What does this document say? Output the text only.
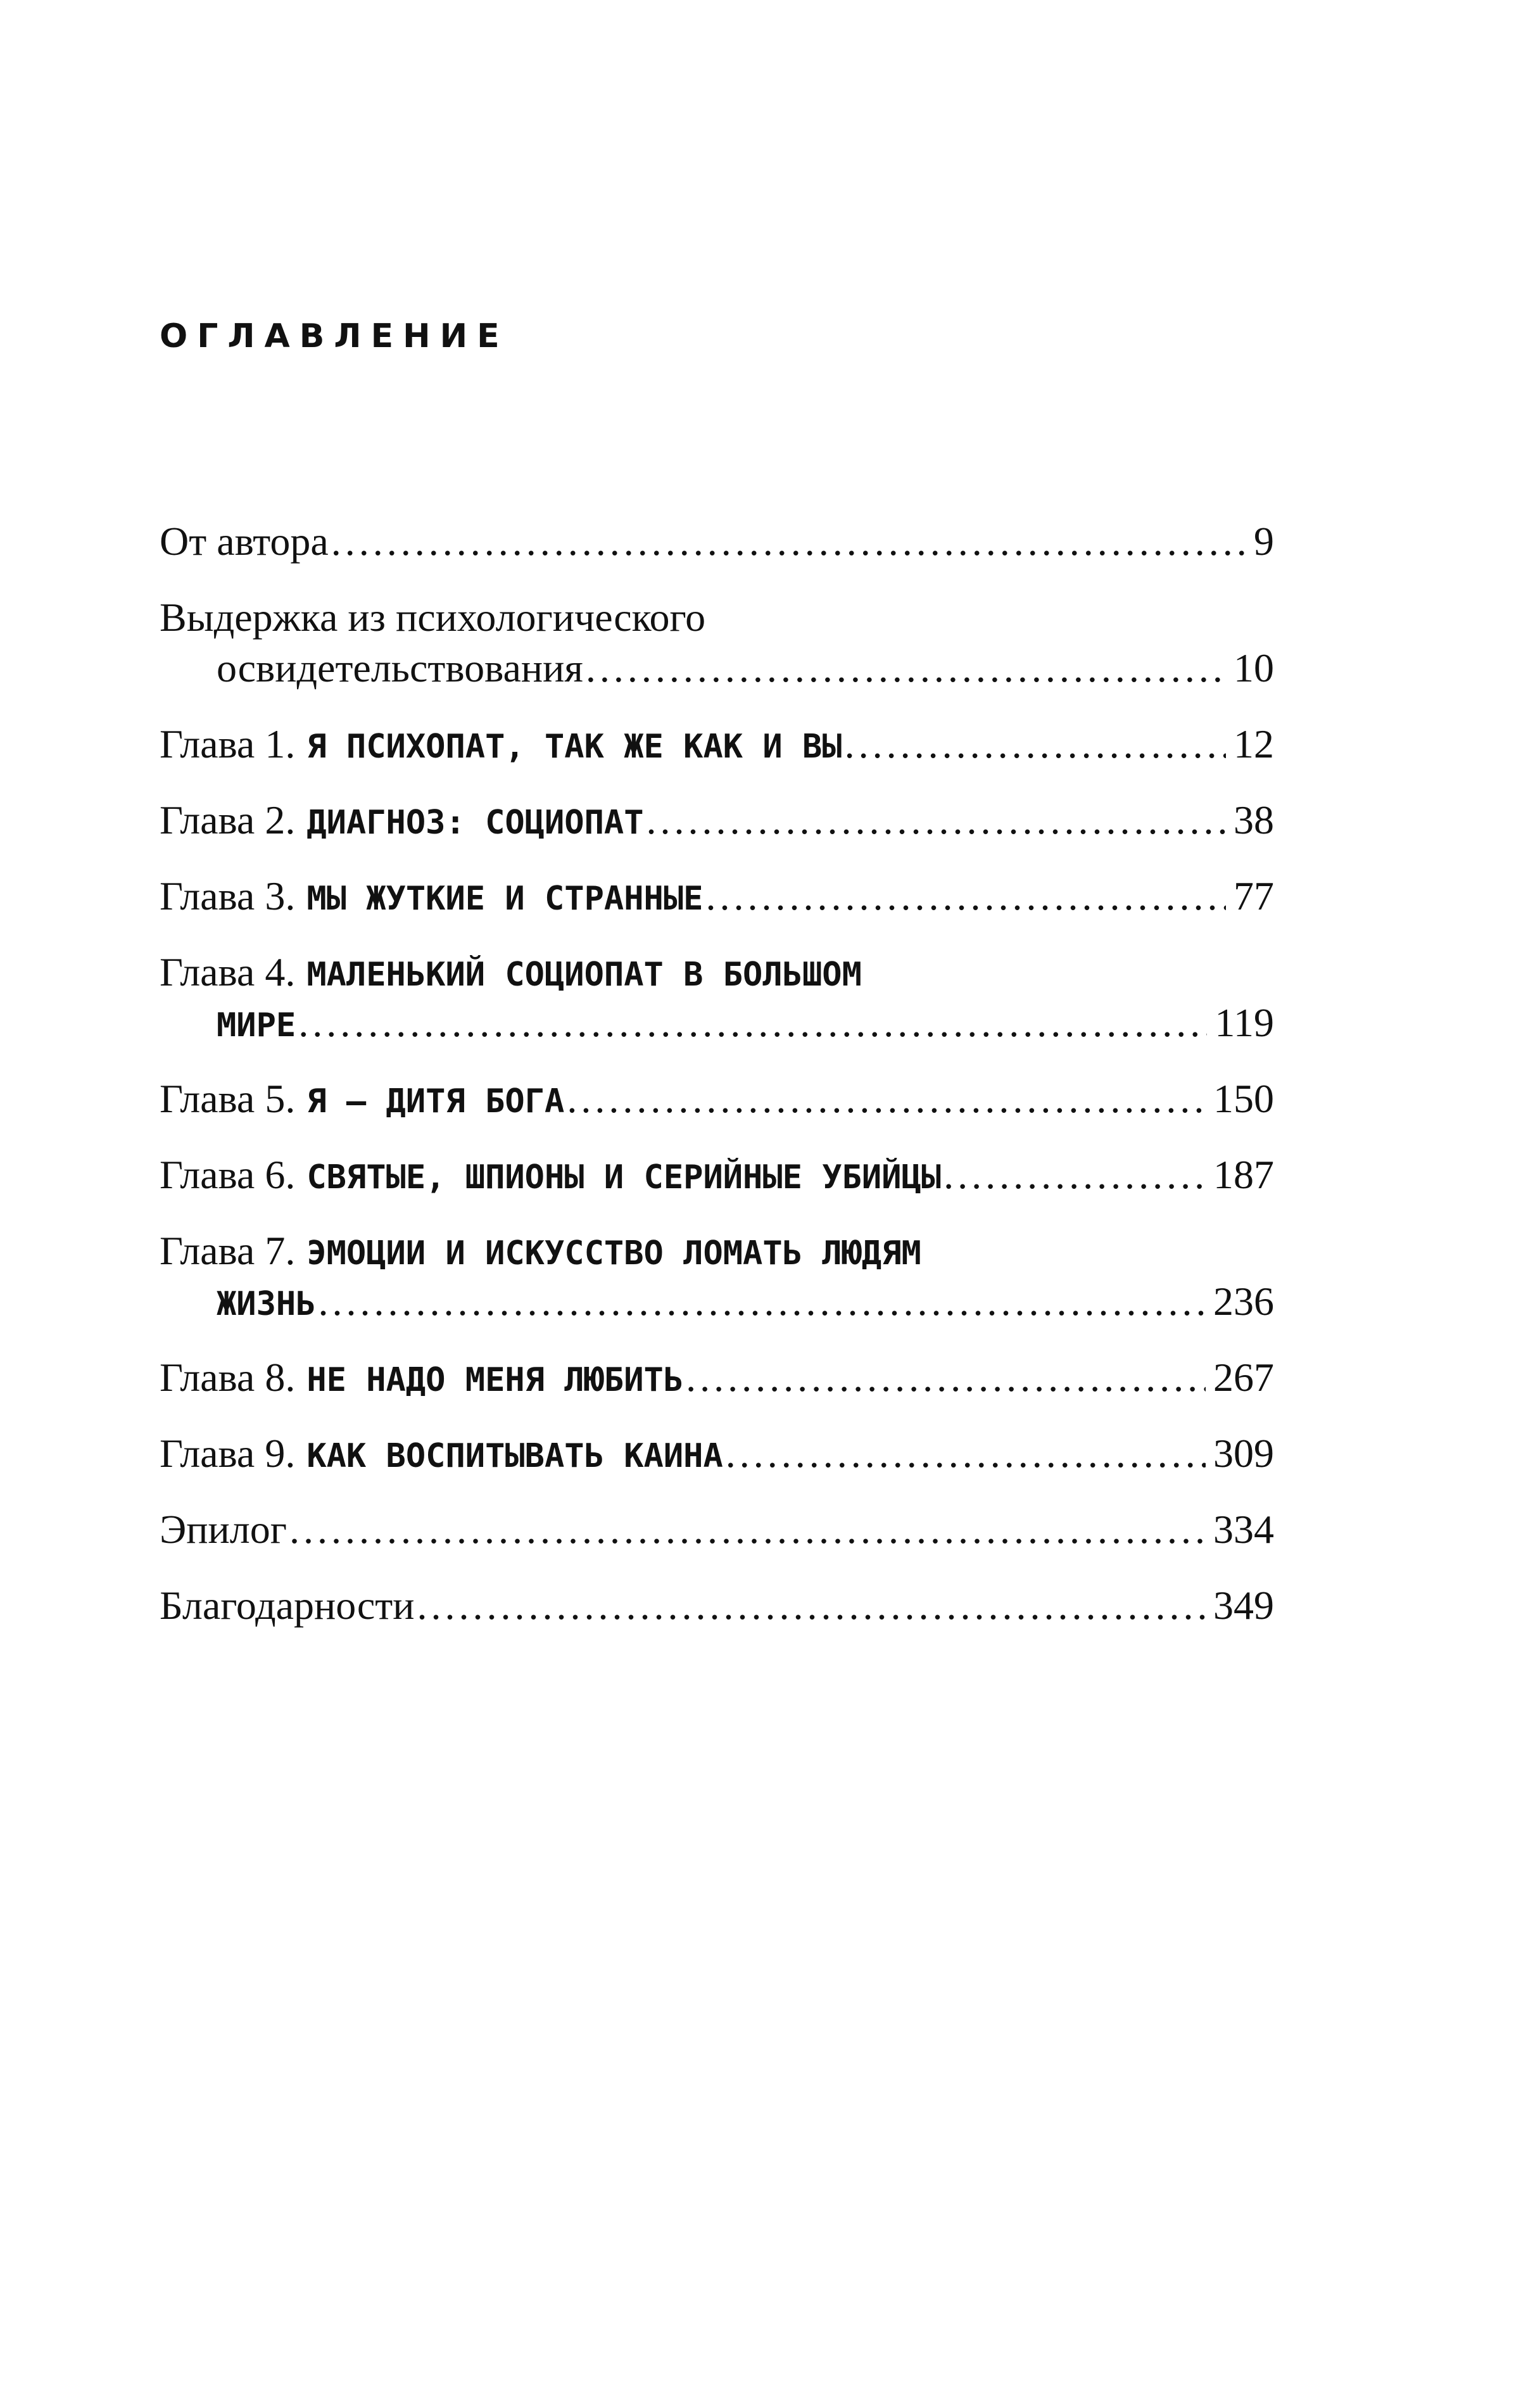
ОГЛАВЛЕНИЕ
От автора .....	9
Выдержка из психологического
освидетельствования .....	10
Глава 1. Я ПСИХОПАТ, ТАК ЖЕ КАК И ВЫ .....	12
Глава 2. ДИАГНОЗ: СОЦИОПАТ .....	38
Глава 3. МЫ ЖУТКИЕ И СТРАННЫЕ .....	77
Глава 4. МАЛЕНЬКИЙ СОЦИОПАТ В БОЛЬШОМ
МИРЕ .....	119
Глава 5. Я — ДИТЯ БОГА .....	150
Глава 6. СВЯТЫЕ, ШПИОНЫ И СЕРИЙНЫЕ УБИЙЦЫ .....	187
Глава 7. ЭМОЦИИ И ИСКУССТВО ЛОМАТЬ ЛЮДЯМ
ЖИЗНЬ .....	236
Глава 8. НЕ НАДО МЕНЯ ЛЮБИТЬ .....	267
Глава 9. КАК ВОСПИТЫВАТЬ КАИНА .....	309
Эпилог .....	334
Благодарности .....	349
